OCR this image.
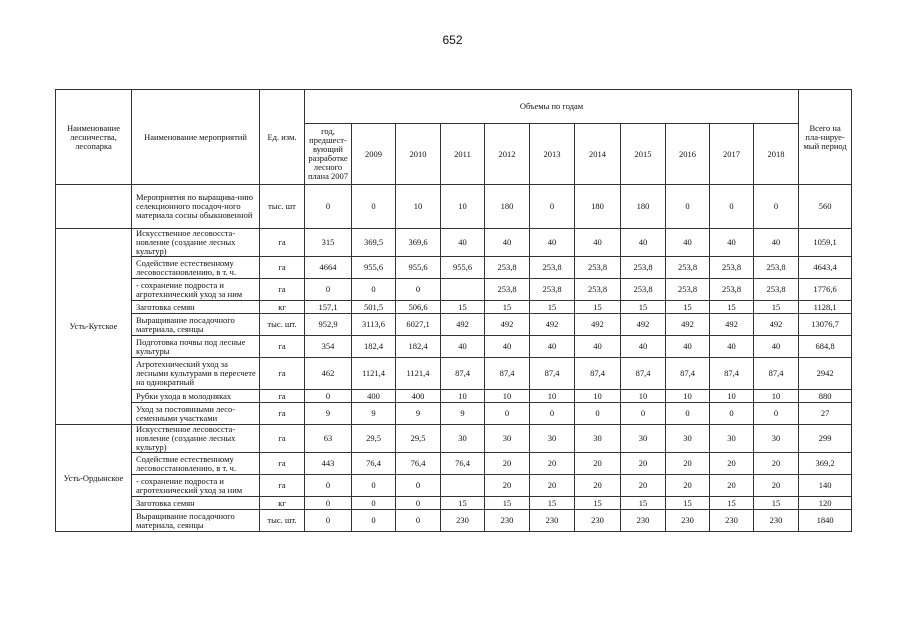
652
Наименование лесничества, лесопарка	Наименование мероприятий	Ед. изм.	Объемы по годам											Всего на пла-нируе-мый период
			год, предшест-вующий разработке лесного плана 2007	2009	2010	2011	2012	2013	2014	2015	2016	2017	2018	
	Мероприятия по выращива-нию селекционного посадоч-ного материала сосны обыкновенной	тыс. шт	0	0	10	10	180	0	180	180	0	0	0	560
Усть-Кутское	Искусственное лесовосста-новление (создание лесных культур)	га	315	369,5	369,6	40	40	40	40	40	40	40	40	1059,1
	Содействие естественному лесовосстановлению, в т. ч.	га	4664	955,6	955,6	955,6	253,8	253,8	253,8	253,8	253,8	253,8	253,8	4643,4
	- сохранение подроста и агротехнический уход за ним	га	0	0	0		253,8	253,8	253,8	253,8	253,8	253,8	253,8	1776,6
	Заготовка семян	кг	157,1	501,5	506,6	15	15	15	15	15	15	15	15	1128,1
	Выращивание посадочного материала, сеянцы	тыс. шт.	952,9	3113,6	6027,1	492	492	492	492	492	492	492	492	13076,7
	Подготовка почвы под лесные культуры	га	354	182,4	182,4	40	40	40	40	40	40	40	40	684,8
	Агротехнический уход за лесными культурами в пересчете на однократный	га	462	1121,4	1121,4	87,4	87,4	87,4	87,4	87,4	87,4	87,4	87,4	2942
	Рубки ухода в молодняках	га	0	400	400	10	10	10	10	10	10	10	10	880
	Уход за постоянными лесо-семенными участками	га	9	9	9	9	0	0	0	0	0	0	0	27
Усть-Ордынское	Искусственное лесовосста-новление (создание лесных культур)	га	63	29,5	29,5	30	30	30	30	30	30	30	30	299
	Содействие естественному лесовосстановлению, в т. ч.	га	443	76,4	76,4	76,4	20	20	20	20	20	20	20	369,2
	- сохранение подроста и агротехнический уход за ним	га	0	0	0		20	20	20	20	20	20	20	140
	Заготовка семян	кг	0	0	0	15	15	15	15	15	15	15	15	120
	Выращивание посадочного материала, сеянцы	тыс. шт.	0	0	0	230	230	230	230	230	230	230	230	1840
